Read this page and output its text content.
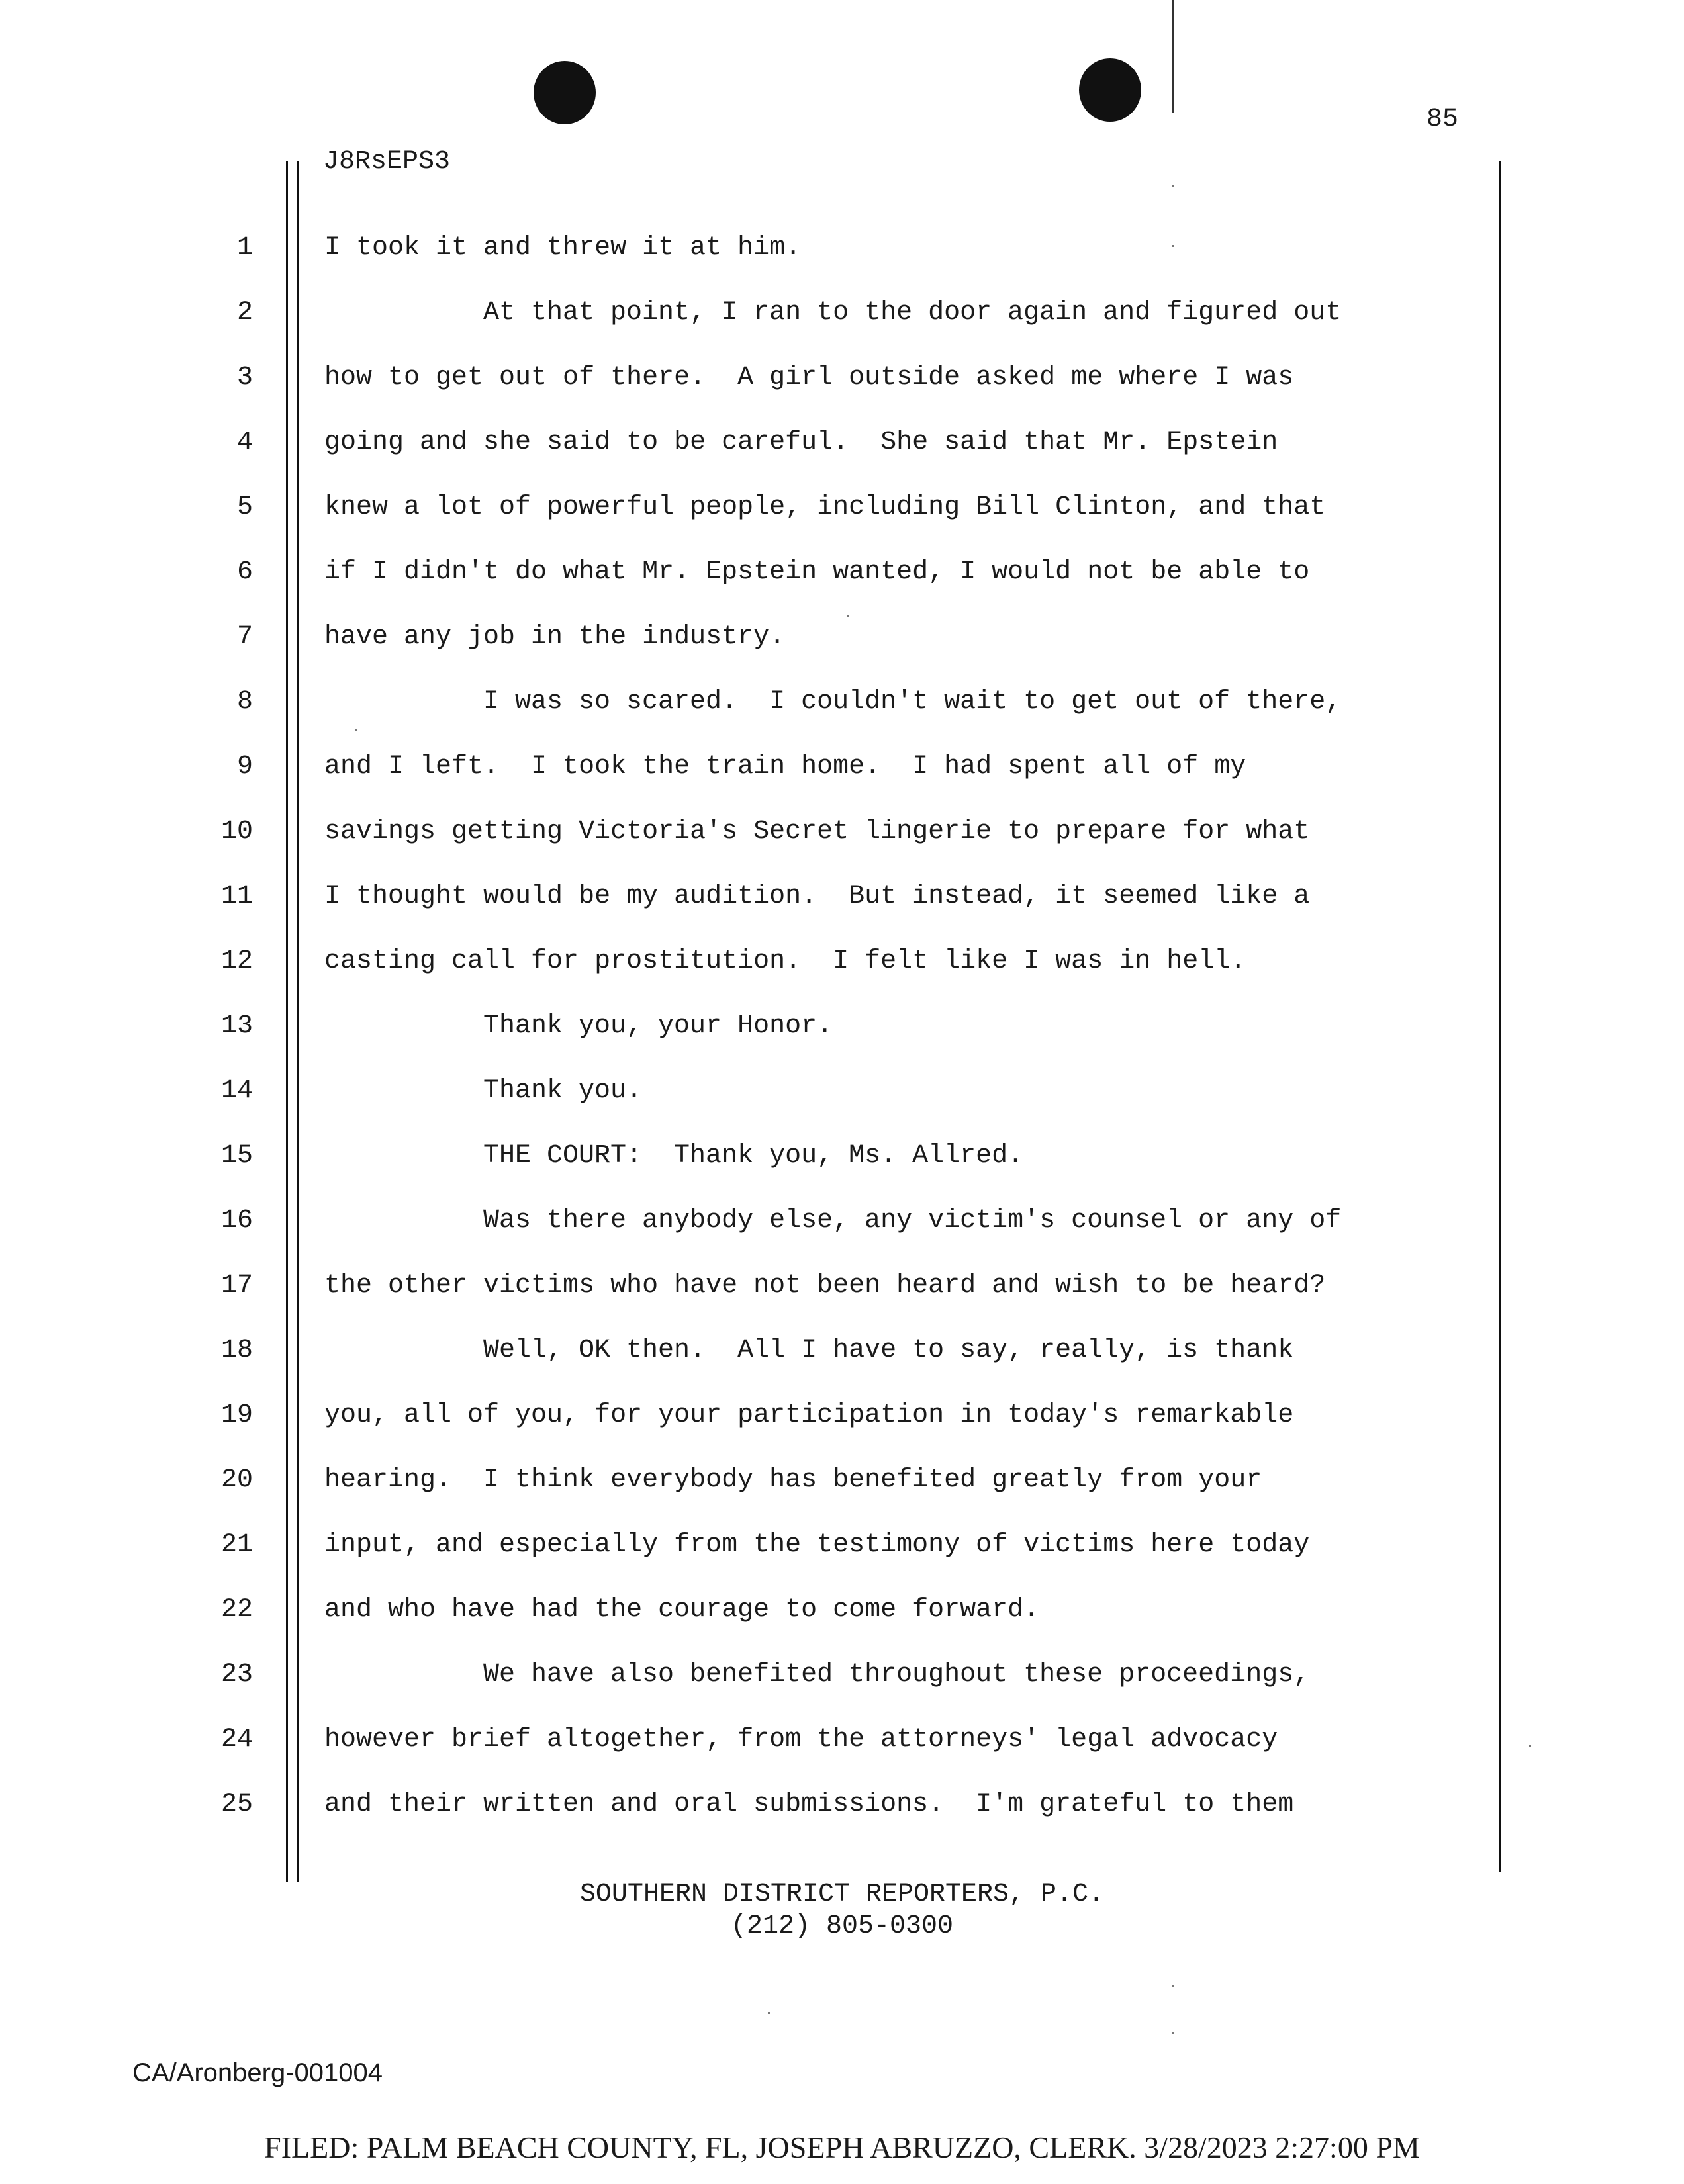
85
J8RsEPS3
1	I took it and threw it at him.
2	At that point, I ran to the door again and figured out
3	how to get out of there.  A girl outside asked me where I was
4	going and she said to be careful.  She said that Mr. Epstein
5	knew a lot of powerful people, including Bill Clinton, and that
6	if I didn't do what Mr. Epstein wanted, I would not be able to
7	have any job in the industry.
8	I was so scared.  I couldn't wait to get out of there,
9	and I left.  I took the train home.  I had spent all of my
10	savings getting Victoria's Secret lingerie to prepare for what
11	I thought would be my audition.  But instead, it seemed like a
12	casting call for prostitution.  I felt like I was in hell.
13	Thank you, your Honor.
14	Thank you.
15	THE COURT:  Thank you, Ms. Allred.
16	Was there anybody else, any victim's counsel or any of
17	the other victims who have not been heard and wish to be heard?
18	Well, OK then.  All I have to say, really, is thank
19	you, all of you, for your participation in today's remarkable
20	hearing.  I think everybody has benefited greatly from your
21	input, and especially from the testimony of victims here today
22	and who have had the courage to come forward.
23	We have also benefited throughout these proceedings,
24	however brief altogether, from the attorneys' legal advocacy
25	and their written and oral submissions.  I'm grateful to them
SOUTHERN DISTRICT REPORTERS, P.C.
(212) 805-0300
CA/Aronberg-001004
FILED: PALM BEACH COUNTY, FL, JOSEPH ABRUZZO, CLERK. 3/28/2023 2:27:00 PM
